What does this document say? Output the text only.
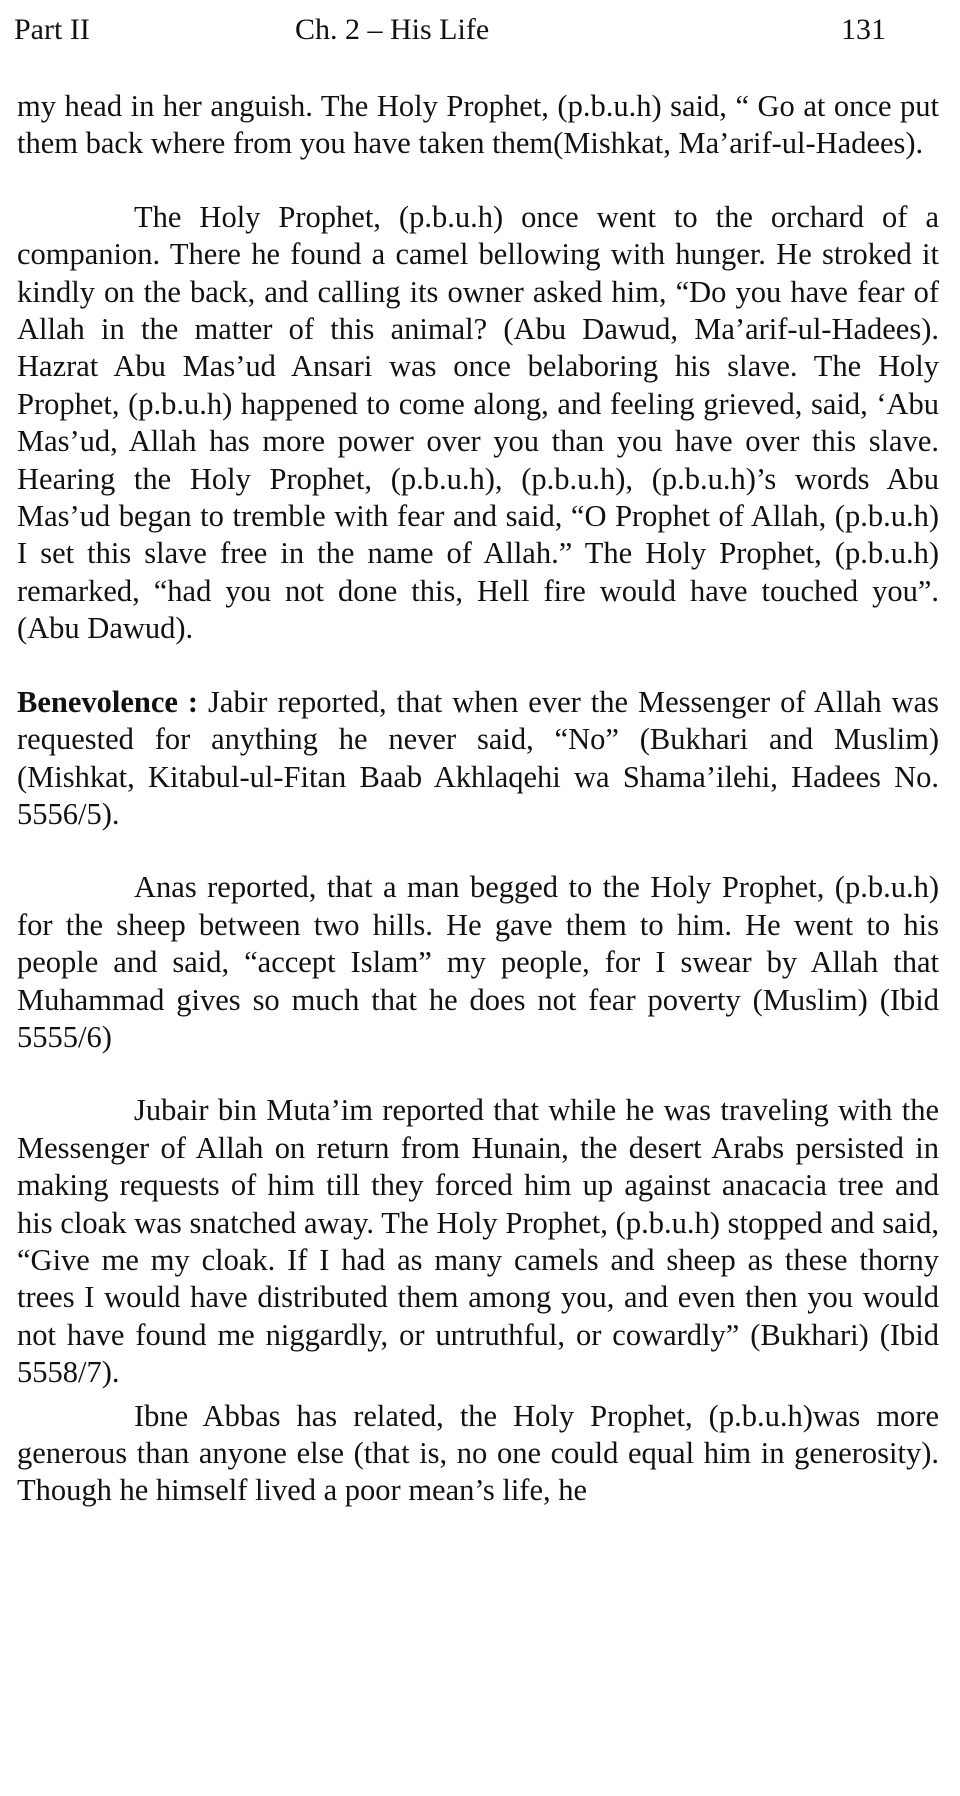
Part II	Ch. 2 – His Life	131

my head in her anguish. The Holy Prophet, (p.b.u.h) said, “ Go at once put them back where from you have taken them(Mishkat, Ma’arif-ul-Hadees).

The Holy Prophet, (p.b.u.h) once went to the orchard of a companion. There he found a camel bellowing with hunger. He stroked it kindly on the back, and calling its owner asked him, “Do you have fear of Allah in the matter of this animal? (Abu Dawud, Ma’arif-ul-Hadees). Hazrat Abu Mas’ud Ansari was once belaboring his slave. The Holy Prophet, (p.b.u.h) happened to come along, and feeling grieved, said, ‘Abu Mas’ud, Allah has more power over you than you have over this slave. Hearing the Holy Prophet, (p.b.u.h), (p.b.u.h), (p.b.u.h)’s words Abu Mas’ud began to tremble with fear and said, “O Prophet of Allah, (p.b.u.h) I set this slave free in the name of Allah.” The Holy Prophet, (p.b.u.h) remarked, “had you not done this, Hell fire would have touched you”. (Abu Dawud).

Benevolence : Jabir reported, that when ever the Messenger of Allah was requested for anything he never said, “No” (Bukhari and Muslim) (Mishkat, Kitabul-ul-Fitan Baab Akhlaqehi wa Shama’ilehi, Hadees No. 5556/5).

Anas reported, that a man begged to the Holy Prophet, (p.b.u.h) for the sheep between two hills. He gave them to him. He went to his people and said, “accept Islam” my people, for I swear by Allah that Muhammad gives so much that he does not fear poverty (Muslim) (Ibid 5555/6)

Jubair bin Muta’im reported that while he was traveling with the Messenger of Allah on return from Hunain, the desert Arabs persisted in making requests of him till they forced him up against anacacia tree and his cloak was snatched away. The Holy Prophet, (p.b.u.h) stopped and said, “Give me my cloak. If I had as many camels and sheep as these thorny trees I would have distributed them among you, and even then you would not have found me niggardly, or untruthful, or cowardly” (Bukhari) (Ibid 5558/7).

Ibne Abbas has related, the Holy Prophet, (p.b.u.h)was more generous than anyone else (that is, no one could equal him in generosity). Though he himself lived a poor mean’s life, he
